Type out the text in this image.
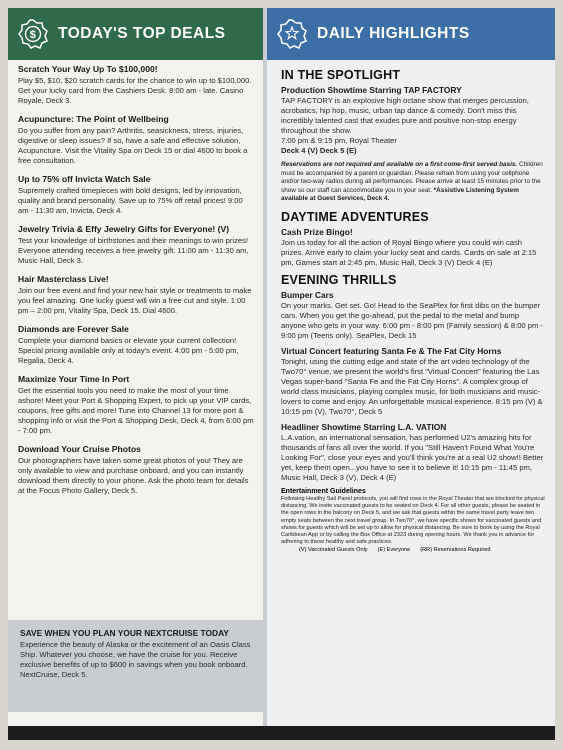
$ TODAY'S TOP DEALS
Scratch Your Way Up To $100,000!

Play $5, $10, $20 scratch cards for the chance to win up to $100,000. Get your lucky card from the Cashiers Desk. 8:00 am - late. Casino Royale, Deck 3.

Acupuncture: The Point of Wellbeing

Do you suffer from any pain? Arthritis, seasickness, stress, injuries, digestive or sleep issues? If so, have a safe and effective solution, Acupuncture. Visit the Vitality Spa on Deck 15 or dial 4600 to book a free consultation.

Up to 75% off Invicta Watch Sale

Supremely crafted timepieces with bold designs, led by innovation, quality and brand personality. Save up to 75% off retail prices! 9:00 am - 11:30 am, Invicta, Deck 4.

Jewelry Trivia & Effy Jewelry Gifts for Everyone! (V)

Test your knowledge of birthstones and their meanings to win prizes! Everyone attending receives a free jewelry gift. 11:00 am - 11:30 am, Music Hall, Deck 3.

Hair Masterclass Live!

Join our free event and find your new hair style or treatments to make you feel amazing. One lucky guest will win a free cut and style. 1:00 pm – 2:00 pm, Vitality Spa, Deck 15. Dial 4600.

Diamonds are Forever Sale

Complete your diamond basics or elevate your current collection! Special pricing available only at today's event. 4:00 pm - 5:00 pm, Regalia, Deck 4.

Maximize Your Time In Port

Get the essential tools you need to make the most of your time ashore! Meet your Port & Shopping Expert, to pick up your VIP cards, coupons, free gifts and more! Tune into Channel 13 for more port & shopping info or visit the Port & Shopping Desk, Deck 4, from 6:00 pm - 7:00 pm.

Download Your Cruise Photos

Our photographers have taken some great photos of you! They are only available to view and purchase onboard, and you can instantly download them directly to your phone. Ask the photo team for details at the Focus Photo Gallery, Deck 5.

SAVE WHEN YOU PLAN YOUR NEXTCRUISE TODAY

Experience the beauty of Alaska or the excitement of an Oasis Class Ship. Whatever you choose, we have the cruise for you. Receive exclusive benefits of up to $600 in savings when you book onboard. NextCruise, Deck 5.

DAILY HIGHLIGHTS
IN THE SPOTLIGHT
Production Showtime Starring TAP FACTORY

TAP FACTORY is an explosive high octane show that merges percussion, acrobatics, hip hop, music, urban tap dance & comedy. Don't miss this incredibly talented cast that exudes pure and positive non-stop energy throughout the show.

7:00 pm & 9:15 pm, Royal Theater

Deck 4 (V) Deck 5 (E)

Reservations are not required and available on a first come-first served basis. Children must be accompanied by a parent or guardian. Please refrain from using your cellphone and/or two-way radios during all performances. Please arrive at least 15 minutes prior to the show so our staff can accommodate you in your seat. *Assistive Listening System available at Guest Services, Deck 4.
DAYTIME ADVENTURES
Cash Prize Bingo!

Join us today for all the action of Royal Bingo where you could win cash prizes. Arrive early to claim your lucky seat and cards. Cards on sale at 2:15 pm, Games start at 2:45 pm, Music Hall, Deck 3 (V) Deck 4 (E)

EVENING THRILLS
Bumper Cars

On your marks. Get set. Go! Head to the SeaPlex for first dibs on the bumper cars. When you get the go-ahead, put the pedal to the metal and bump anyone who gets in your way. 6:00 pm - 8:00 pm (Family session) & 8:00 pm - 9:00 pm (Teens only). SeaPlex, Deck 15

Virtual Concert featuring Santa Fe & The Fat City Horns

Tonight, using the cutting edge and state of the art video technology of the Two70° venue, we present the world's first "Virtual Concert" featuring the Las Vegas super-band "Santa Fe and the Fat City Horns". A complex group of world class musicians, playing complex music, for both musicians and music-lovers to come and enjoy. An unforgettable musical experience. 8:15 pm (V) & 10:15 pm (V), Two70°, Deck 5

Headliner Showtime Starring L.A. VATION

L.A.vation, an international sensation, has performed U2's amazing hits for thousands of fans all over the world. If you "Still Haven't Found What You're Looking For", close your eyes and you'll think you're at a real U2 show!! Better yet, keep them open...you have to see it to believe it! 10:15 pm - 11:45 pm, Music Hall, Deck 3 (V), Deck 4 (E)

Entertainment Guidelines

Following Healthy Sail Panel protocols, you will find rows in the Royal Theater that are blocked for physical distancing. We invite vaccinated guests to be seated on Deck 4. For all other guests, please be seated in the open rows in the balcony on Deck 5, and we ask that guests within the same travel party leave two empty seats between the next travel group. In Two70°, we have specific shows for vaccinated guests and shows for guests which will be set up to allow for physical distancing. Be sure to book by using the Royal Caribbean App or by calling the Box Office at 2323 during opening hours. We thank you in advance for adhering to these healthy and safe practices.

(V) Vaccinated Guests Only (E) Everyone (RR) Reservations Required
